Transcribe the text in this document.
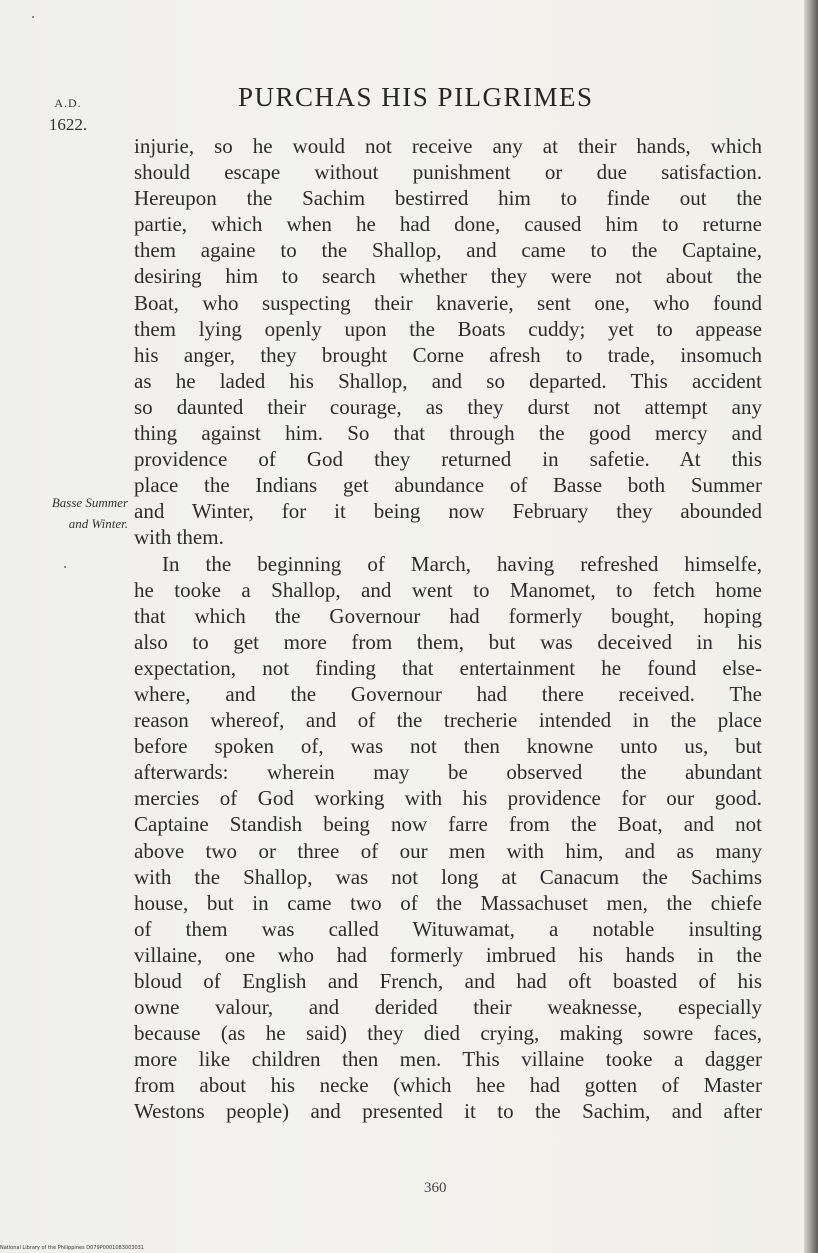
A.D.
1622.
PURCHAS HIS PILGRIMES
Basse Summer
and Winter.
injurie, so he would not receive any at their hands, which
should escape without punishment or due satisfaction.
Hereupon the Sachim bestirred him to finde out the
partie, which when he had done, caused him to returne
them againe to the Shallop, and came to the Captaine,
desiring him to search whether they were not about the
Boat, who suspecting their knaverie, sent one, who found
them lying openly upon the Boats cuddy; yet to appease
his anger, they brought Corne afresh to trade, insomuch
as he laded his Shallop, and so departed. This accident
so daunted their courage, as they durst not attempt any
thing against him. So that through the good mercy and
providence of God they returned in safetie. At this
place the Indians get abundance of Basse both Summer
and Winter, for it being now February they abounded
with them.
In the beginning of March, having refreshed himselfe,
he tooke a Shallop, and went to Manomet, to fetch home
that which the Governour had formerly bought, hoping
also to get more from them, but was deceived in his
expectation, not finding that entertainment he found else-
where, and the Governour had there received. The
reason whereof, and of the trecherie intended in the place
before spoken of, was not then knowne unto us, but
afterwards: wherein may be observed the abundant
mercies of God working with his providence for our good.
Captaine Standish being now farre from the Boat, and not
above two or three of our men with him, and as many
with the Shallop, was not long at Canacum the Sachims
house, but in came two of the Massachuset men, the chiefe
of them was called Wituwamat, a notable insulting
villaine, one who had formerly imbrued his hands in the
bloud of English and French, and had oft boasted of his
owne valour, and derided their weaknesse, especially
because (as he said) they died crying, making sowre faces,
more like children then men. This villaine tooke a dagger
from about his necke (which hee had gotten of Master
Westons people) and presented it to the Sachim, and after
360
National Library of the Philippines D079P0001083003031
